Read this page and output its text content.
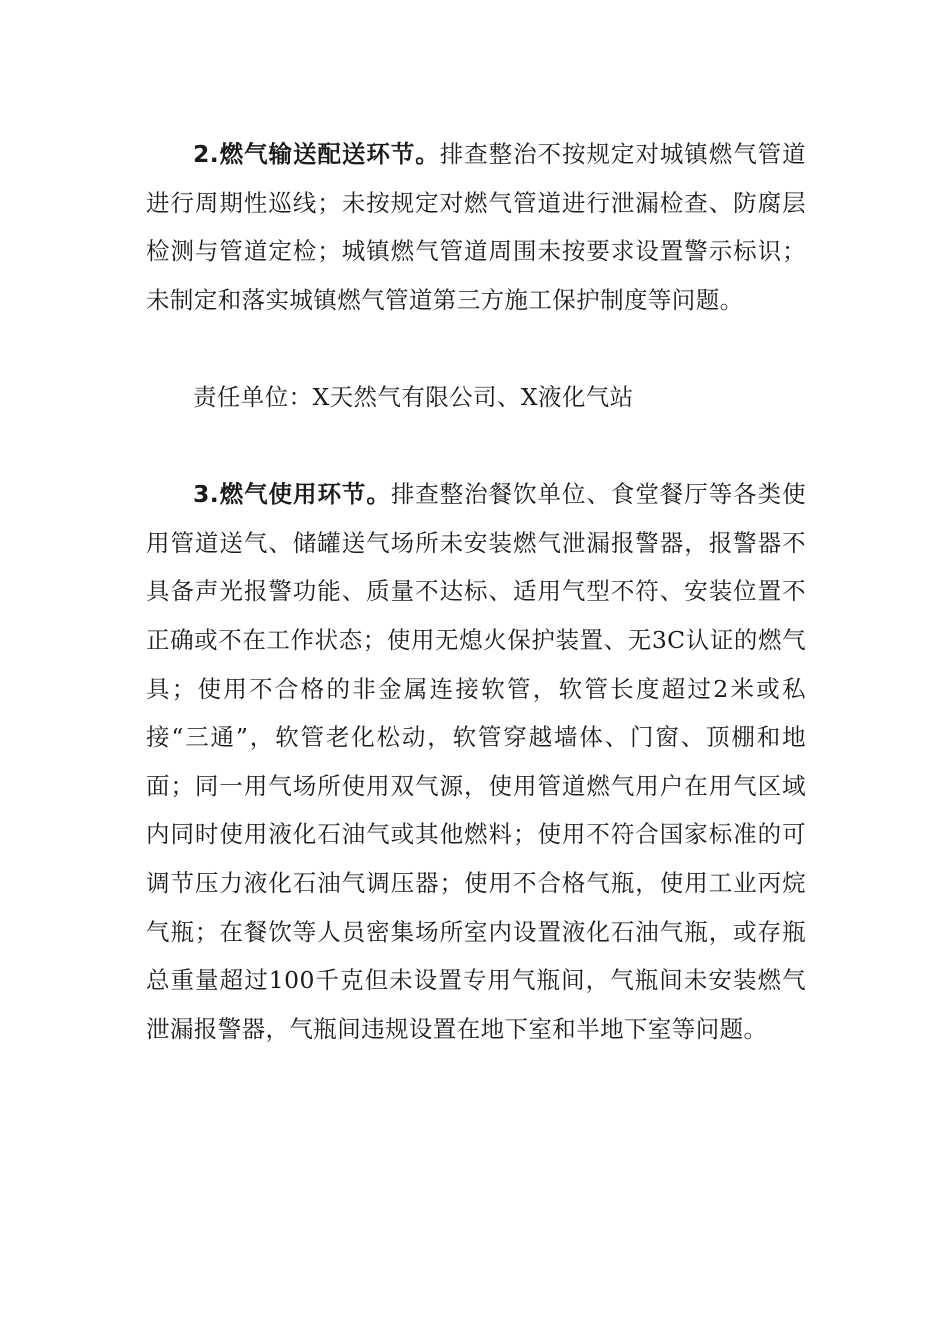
2.燃气输送配送环节。排查整治不按规定对城镇燃气管道进行周期性巡线；未按规定对燃气管道进行泄漏检查、防腐层检测与管道定检；城镇燃气管道周围未按要求设置警示标识；未制定和落实城镇燃气管道第三方施工保护制度等问题。

责任单位：X天然气有限公司、X液化气站

3.燃气使用环节。排查整治餐饮单位、食堂餐厅等各类使用管道送气、储罐送气场所未安装燃气泄漏报警器，报警器不具备声光报警功能、质量不达标、适用气型不符、安装位置不正确或不在工作状态；使用无熄火保护装置、无3C认证的燃气具；使用不合格的非金属连接软管，软管长度超过2米或私接“三通”，软管老化松动，软管穿越墙体、门窗、顶棚和地面；同一用气场所使用双气源，使用管道燃气用户在用气区域内同时使用液化石油气或其他燃料；使用不符合国家标准的可调节压力液化石油气调压器；使用不合格气瓶，使用工业丙烷气瓶；在餐饮等人员密集场所室内设置液化石油气瓶，或存瓶总重量超过100千克但未设置专用气瓶间，气瓶间未安装燃气泄漏报警器，气瓶间违规设置在地下室和半地下室等问题。
